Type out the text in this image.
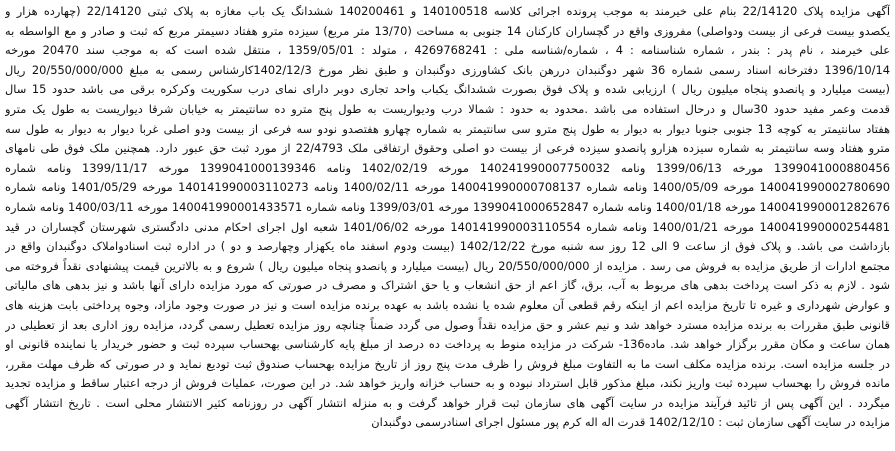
آگهی مزایده پلاک 22/14120 بنام علی خیرمند به موجب پرونده اجرائی کلاسه 140100518 و 140200461 ششدانگ یک باب مغازه به پلاک ثبتی 22/14120 (چهارده هزار و
یکصدو بیست فرعی از بیست ودواصلی) مفروزی واقع در گچساران کارکنان 14 جنوبی به مساحت (13/70 متر مربع) سیزده مترو هفتاد دسیمتر مربع که ثبت و صادر و مع الواسطه به
علی خیرمند ، نام پدر : بندر ، شماره شناسنامه : 4 ، شماره/شناسه ملی : 4269768241 ، متولد : 1359/05/01 ، منتقل شده است که به موجب سند 20470 مورخه
1396/10/14 دفترخانه اسناد رسمی شماره 36 شهر دوگنبدان دررهن بانک کشاورزی دوگنبدان و طبق نظر مورخ 1402/12/3کارشناس رسمی به مبلغ 20/550/000/000 ریال
(بیست میلیارد و پانصدو پنجاه میلیون ریال ) ارزیابی شده و پلاک فوق بصورت ششدانگ یکباب واحد تجاری دوبر دارای نمای درب سکوریت وکرکره برقی می باشد حدود 15 سال
قدمت وعمر مفید حدود 30سال و درحال استفاده می باشد .محدود به حدود : شمالا درب ودیواریست به طول پنج مترو ده سانتیمتر به خیابان شرقا دیواریست به طول یک مترو
هفتاد سانتیمتر به کوچه 13 جنوبی جنوبا دیوار به دیوار به طول پنج مترو سی سانتیمتر به شماره چهارو هفتصدو نودو سه فرعی از بیست ودو اصلی غربا دیوار به دیوار به طول سه
مترو هفتاد وسه سانتیمتر به شماره سیزده هزارو پانصدو سیزده فرعی از بیست دو اصلی وحقوق ارتفاقی ملک 22/4793 از مورد ثبت حق عبور دارد. همچنین ملک فوق طی نامهای
1399041000880456 مورخه 1399/06/13 ونامه 140241990007750032 مورخه 1402/02/19 ونامه 1399041000139346 مورخه 1399/11/17 ونامه شماره
140041990002780690 مورخه 1400/05/09 ونامه شماره 140041990000708137 مورخه 1400/02/11 ونامه 140141990003110273 مورخه 1401/05/29 ونامه شماره
140041990001282676 مورخه 1400/01/18 ونامه شماره 1399041000652847 مورخه 1399/03/01 ونامه شماره 140041990001433571 مورخه 1400/03/11 ونامه شماره
140041990000254481 مورخه 1400/01/21 ونامه شماره 140141990003110554 مورخه 1401/06/02 شعبه اول اجرای احکام مدنی دادگستری شهرستان گچساران در قید
بازداشت می باشد. و پلاک فوق از ساعت 9 الی 12 روز سه شنبه مورخ 1402/12/22 (بیست ودوم اسفند ماه یکهزار وچهارصد و دو ) در اداره ثبت اسنادواملاک دوگنبدان واقع در
مجتمع ادارات از طریق مزایده به فروش می رسد . مزایده از 20/550/000/000 ریال (بیست میلیارد و پانصدو پنجاه میلیون ریال ) شروع و به بالاترین قیمت پیشنهادی نقداً فروخته می
شود . لازم به ذکر است پرداخت بدهی های مربوط به آب، برق، گاز اعم از حق انشعاب و یا حق اشتراک و مصرف در صورتی که مورد مزایده دارای آنها باشد و نیز بدهی های مالیاتی
و عوارض شهرداری و غیره تا تاریخ مزایده اعم از اینکه رقم قطعی آن معلوم شده یا نشده باشد به عهده برنده مزایده است و نیز در صورت وجود مازاد، وجوه پرداختی بابت هزینه های
قانونی طبق مقررات به برنده مزایده مسترد خواهد شد و نیم عشر و حق مزایده نقداً وصول می گردد ضمناً چنانچه روز مزایده تعطیل رسمی گردد، مزایده روز اداری بعد از تعطیلی در
همان ساعت و مکان مقرر برگزار خواهد شد. ماده136- شرکت در مزایده منوط به پرداخت ده درصد از مبلغ پایه کارشناسی بهحساب سپرده ثبت و حضور خریدار یا نماینده قانونی او
در جلسه مزایده است. برنده مزایده مکلف است ما به التفاوت مبلغ فروش را ظرف مدت پنج روز از تاریخ مزایده بهحساب صندوق ثبت تودیع نماید و در صورتی که ظرف مهلت مقرر،
مانده فروش را بهحساب سپرده ثبت واریز نکند، مبلغ مذکور قابل استرداد نبوده و به حساب خزانه واریز خواهد شد. در این صورت، عملیات فروش از درجه اعتبار ساقط و مزایده تجدید
میگردد . این آگهی پس از تائید فرآیند مزایده در سایت آگهی های سازمان ثبت قرار خواهد گرفت و به منزله انتشار آگهی در روزنامه کثیر الانتشار محلی است . تاریخ انتشار آگهی
مزایده در سایت آگهی سازمان ثبت : 1402/12/10 قدرت اله اله کرم پور مسئول اجرای اسنادرسمی دوگنبدان
